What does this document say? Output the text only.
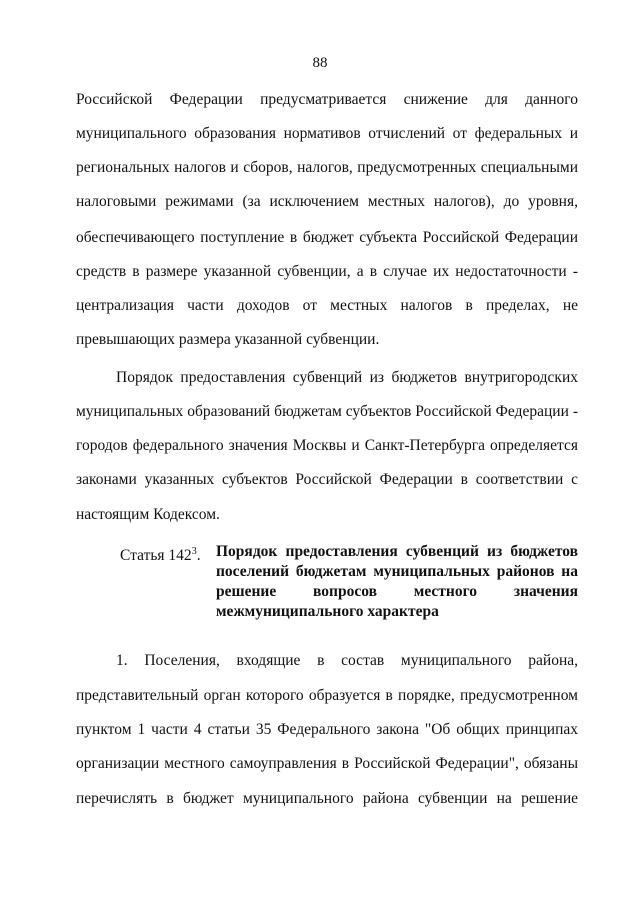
88
Российской Федерации предусматривается снижение для данного
муниципального образования нормативов отчислений от федеральных и
региональных налогов и сборов, налогов, предусмотренных специальными
налоговыми режимами (за исключением местных налогов), до уровня,
обеспечивающего поступление в бюджет субъекта Российской Федерации
средств в размере указанной субвенции, а в случае их недостаточности -
централизация части доходов от местных налогов в пределах, не
превышающих размера указанной субвенции.
Порядок предоставления субвенций из бюджетов внутригородских
муниципальных образований бюджетам субъектов Российской Федерации -
городов федерального значения Москвы и Санкт-Петербурга определяется
законами указанных субъектов Российской Федерации в соответствии с
настоящим Кодексом.
Статья $142^3$. Порядок предоставления субвенций из бюджетов
поселений бюджетам муниципальных районов на
решение вопросов местного значения
межмуниципального характера
1. Поселения, входящие в состав муниципального района,
представительный орган которого образуется в порядке, предусмотренном
пунктом 1 части 4 статьи 35 Федерального закона "Об общих принципах
организации местного самоуправления в Российской Федерации", обязаны
перечислять в бюджет муниципального района субвенции на решение
